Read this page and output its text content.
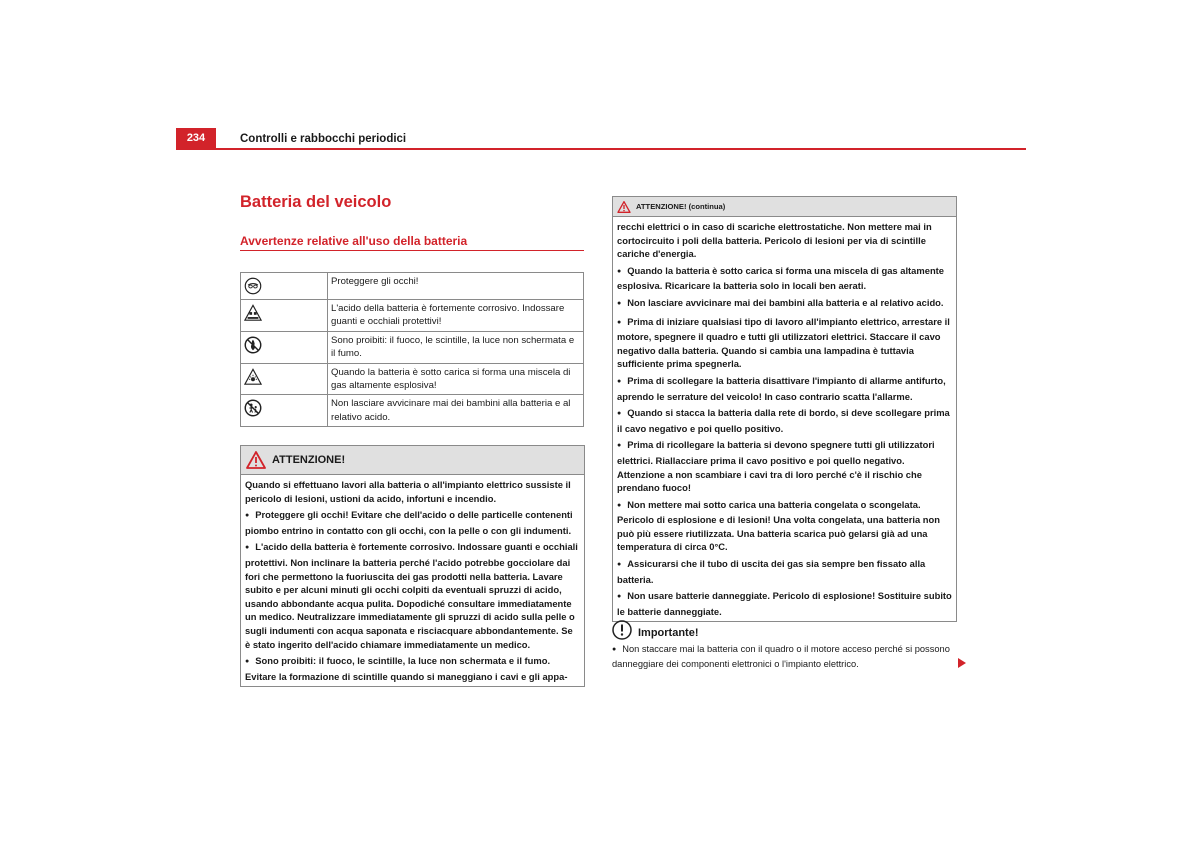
234	Controlli e rabbocchi periodici
Batteria del veicolo
Avvertenze relative all'uso della batteria
	Proteggere gli occhi!

	L'acido della batteria è fortemente corrosivo. Indossare guanti e occhiali protettivi!

	Sono proibiti: il fuoco, le scintille, la luce non schermata e il fumo.

	Quando la batteria è sotto carica si forma una miscela di gas altamente esplosiva!

	Non lasciare avvicinare mai dei bambini alla batteria e al relativo acido.
ATTENZIONE!

Quando si effettuano lavori alla batteria o all'impianto elettrico sussiste il pericolo di lesioni, ustioni da acido, infortuni e incendio.

● Proteggere gli occhi! Evitare che dell'acido o delle particelle contenenti piombo entrino in contatto con gli occhi, con la pelle o con gli indumenti.

● L'acido della batteria è fortemente corrosivo. Indossare guanti e occhiali protettivi. Non inclinare la batteria perché l'acido potrebbe gocciolare dai fori che permettono la fuoriuscita dei gas prodotti nella batteria. Lavare subito e per alcuni minuti gli occhi colpiti da eventuali spruzzi di acido, usando abbondante acqua pulita. Dopodiché consultare immediatamente un medico. Neutralizzare immediatamente gli spruzzi di acido sulla pelle o sugli indumenti con acqua saponata e risciacquare abbondantemente. Se è stato ingerito dell'acido chiamare immediatamente un medico.

● Sono proibiti: il fuoco, le scintille, la luce non schermata e il fumo. Evitare la formazione di scintille quando si maneggiano i cavi e gli appa-

ATTENZIONE! (continua)

recchi elettrici o in caso di scariche elettrostatiche. Non mettere mai in cortocircuito i poli della batteria. Pericolo di lesioni per via di scintille cariche d'energia.

● Quando la batteria è sotto carica si forma una miscela di gas altamente esplosiva. Ricaricare la batteria solo in locali ben aerati.

● Non lasciare avvicinare mai dei bambini alla batteria e al relativo acido.

● Prima di iniziare qualsiasi tipo di lavoro all'impianto elettrico, arrestare il motore, spegnere il quadro e tutti gli utilizzatori elettrici. Staccare il cavo negativo dalla batteria. Quando si cambia una lampadina è tuttavia sufficiente prima spegnerla.

● Prima di scollegare la batteria disattivare l'impianto di allarme antifurto, aprendo le serrature del veicolo! In caso contrario scatta l'allarme.

● Quando si stacca la batteria dalla rete di bordo, si deve scollegare prima il cavo negativo e poi quello positivo.

● Prima di ricollegare la batteria si devono spegnere tutti gli utilizzatori elettrici. Riallacciare prima il cavo positivo e poi quello negativo. Attenzione a non scambiare i cavi tra di loro perché c'è il rischio che prendano fuoco!

● Non mettere mai sotto carica una batteria congelata o scongelata. Pericolo di esplosione e di lesioni! Una volta congelata, una batteria non può più essere riutilizzata. Una batteria scarica può gelarsi già ad una temperatura di circa 0°C.

● Assicurarsi che il tubo di uscita dei gas sia sempre ben fissato alla batteria.

● Non usare batterie danneggiate. Pericolo di esplosione! Sostituire subito le batterie danneggiate.

Importante!
● Non staccare mai la batteria con il quadro o il motore acceso perché si possono danneggiare dei componenti elettronici o l'impianto elettrico.
